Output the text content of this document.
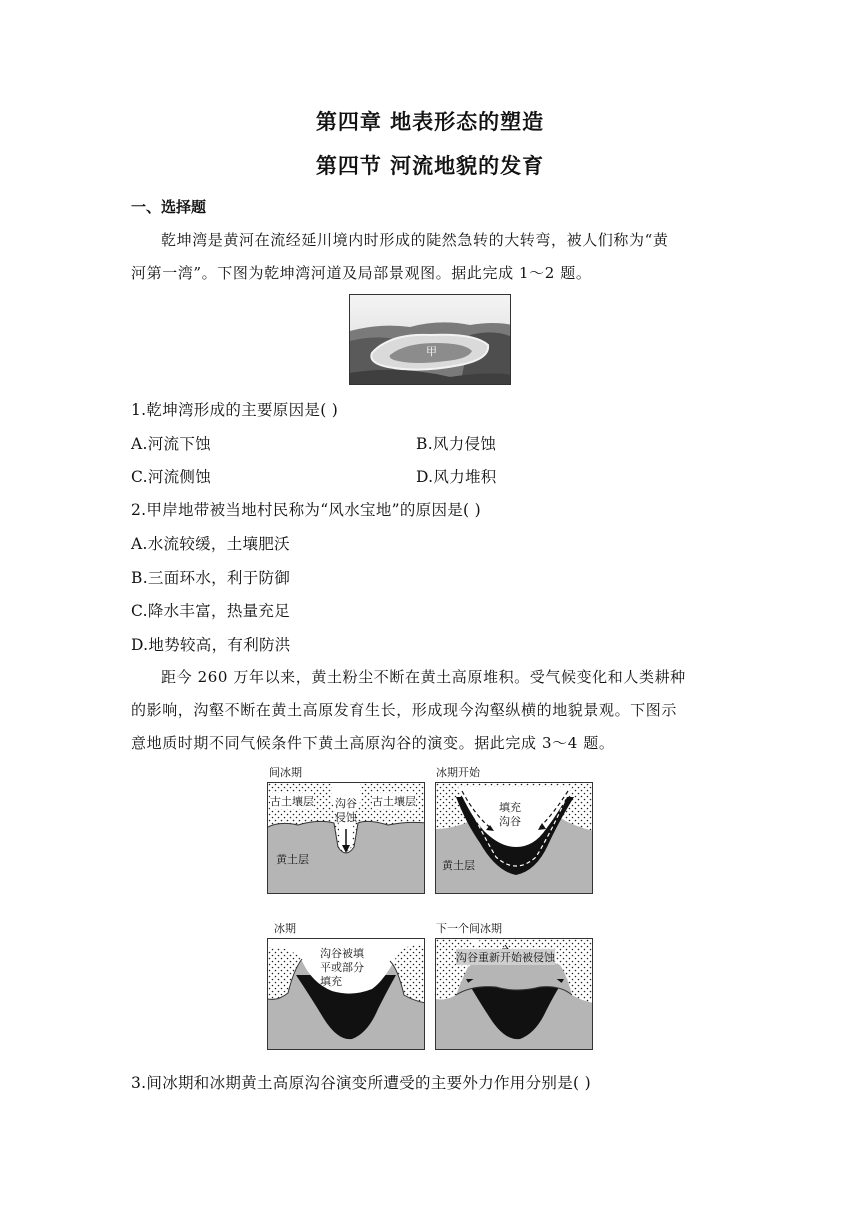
第四章 地表形态的塑造
第四节 河流地貌的发育
一、选择题
乾坤湾是黄河在流经延川境内时形成的陡然急转的大转弯，被人们称为“黄
河第一湾”。下图为乾坤湾河道及局部景观图。据此完成 1～2 题。
甲
1.乾坤湾形成的主要原因是( )
A.河流下蚀	B.风力侵蚀
C.河流侧蚀	D.风力堆积
2.甲岸地带被当地村民称为“风水宝地”的原因是( )
A.水流较缓，土壤肥沃
B.三面环水，利于防御
C.降水丰富，热量充足
D.地势较高，有利防洪
距今 260 万年以来，黄土粉尘不断在黄土高原堆积。受气候变化和人类耕种
的影响，沟壑不断在黄土高原发育生长，形成现今沟壑纵横的地貌景观。下图示
意地质时期不同气候条件下黄土高原沟谷的演变。据此完成 3～4 题。
间冰期
古土壤层	古土壤层
沟谷
侵蚀
黄土层
冰期开始
填充
沟谷
黄土层
冰期
沟谷被填
平或部分
填充
下一个间冰期
沟谷重新开始被侵蚀
3.间冰期和冰期黄土高原沟谷演变所遭受的主要外力作用分别是( )
